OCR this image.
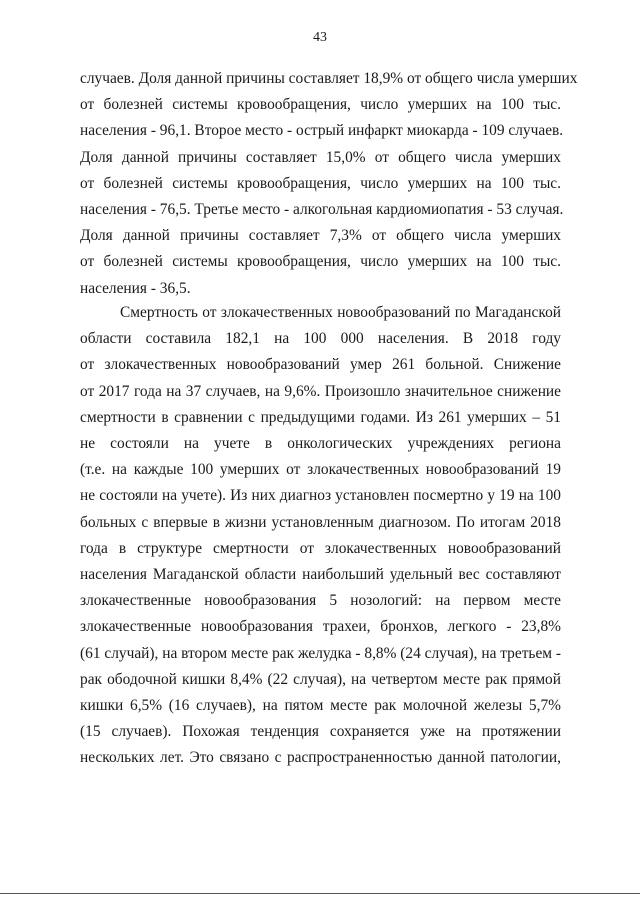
43
случаев. Доля данной причины составляет 18,9% от общего числа умерших
от болезней системы кровообращения, число умерших на 100 тыс.
населения - 96,1. Второе место - острый инфаркт миокарда - 109 случаев.
Доля данной причины составляет 15,0% от общего числа умерших
от болезней системы кровообращения, число умерших на 100 тыс.
населения - 76,5. Третье место - алкогольная кардиомиопатия - 53 случая.
Доля данной причины составляет 7,3% от общего числа умерших
от болезней системы кровообращения, число умерших на 100 тыс.
населения - 36,5.
Смертность от злокачественных новообразований по Магаданской
области составила 182,1 на 100 000 населения. В 2018 году
от злокачественных новообразований умер 261 больной. Снижение
от 2017 года на 37 случаев, на 9,6%. Произошло значительное снижение
смертности в сравнении с предыдущими годами. Из 261 умерших – 51
не состояли на учете в онкологических учреждениях региона
(т.е. на каждые 100 умерших от злокачественных новообразований 19
не состояли на учете). Из них диагноз установлен посмертно у 19 на 100
больных с впервые в жизни установленным диагнозом. По итогам 2018
года в структуре смертности от злокачественных новообразований
населения Магаданской области наибольший удельный вес составляют
злокачественные новообразования 5 нозологий: на первом месте
злокачественные новообразования трахеи, бронхов, легкого - 23,8%
(61 случай), на втором месте рак желудка - 8,8% (24 случая), на третьем -
рак ободочной кишки 8,4% (22 случая), на четвертом месте рак прямой
кишки 6,5% (16 случаев), на пятом месте рак молочной железы 5,7%
(15 случаев). Похожая тенденция сохраняется уже на протяжении
нескольких лет. Это связано с распространенностью данной патологии,
